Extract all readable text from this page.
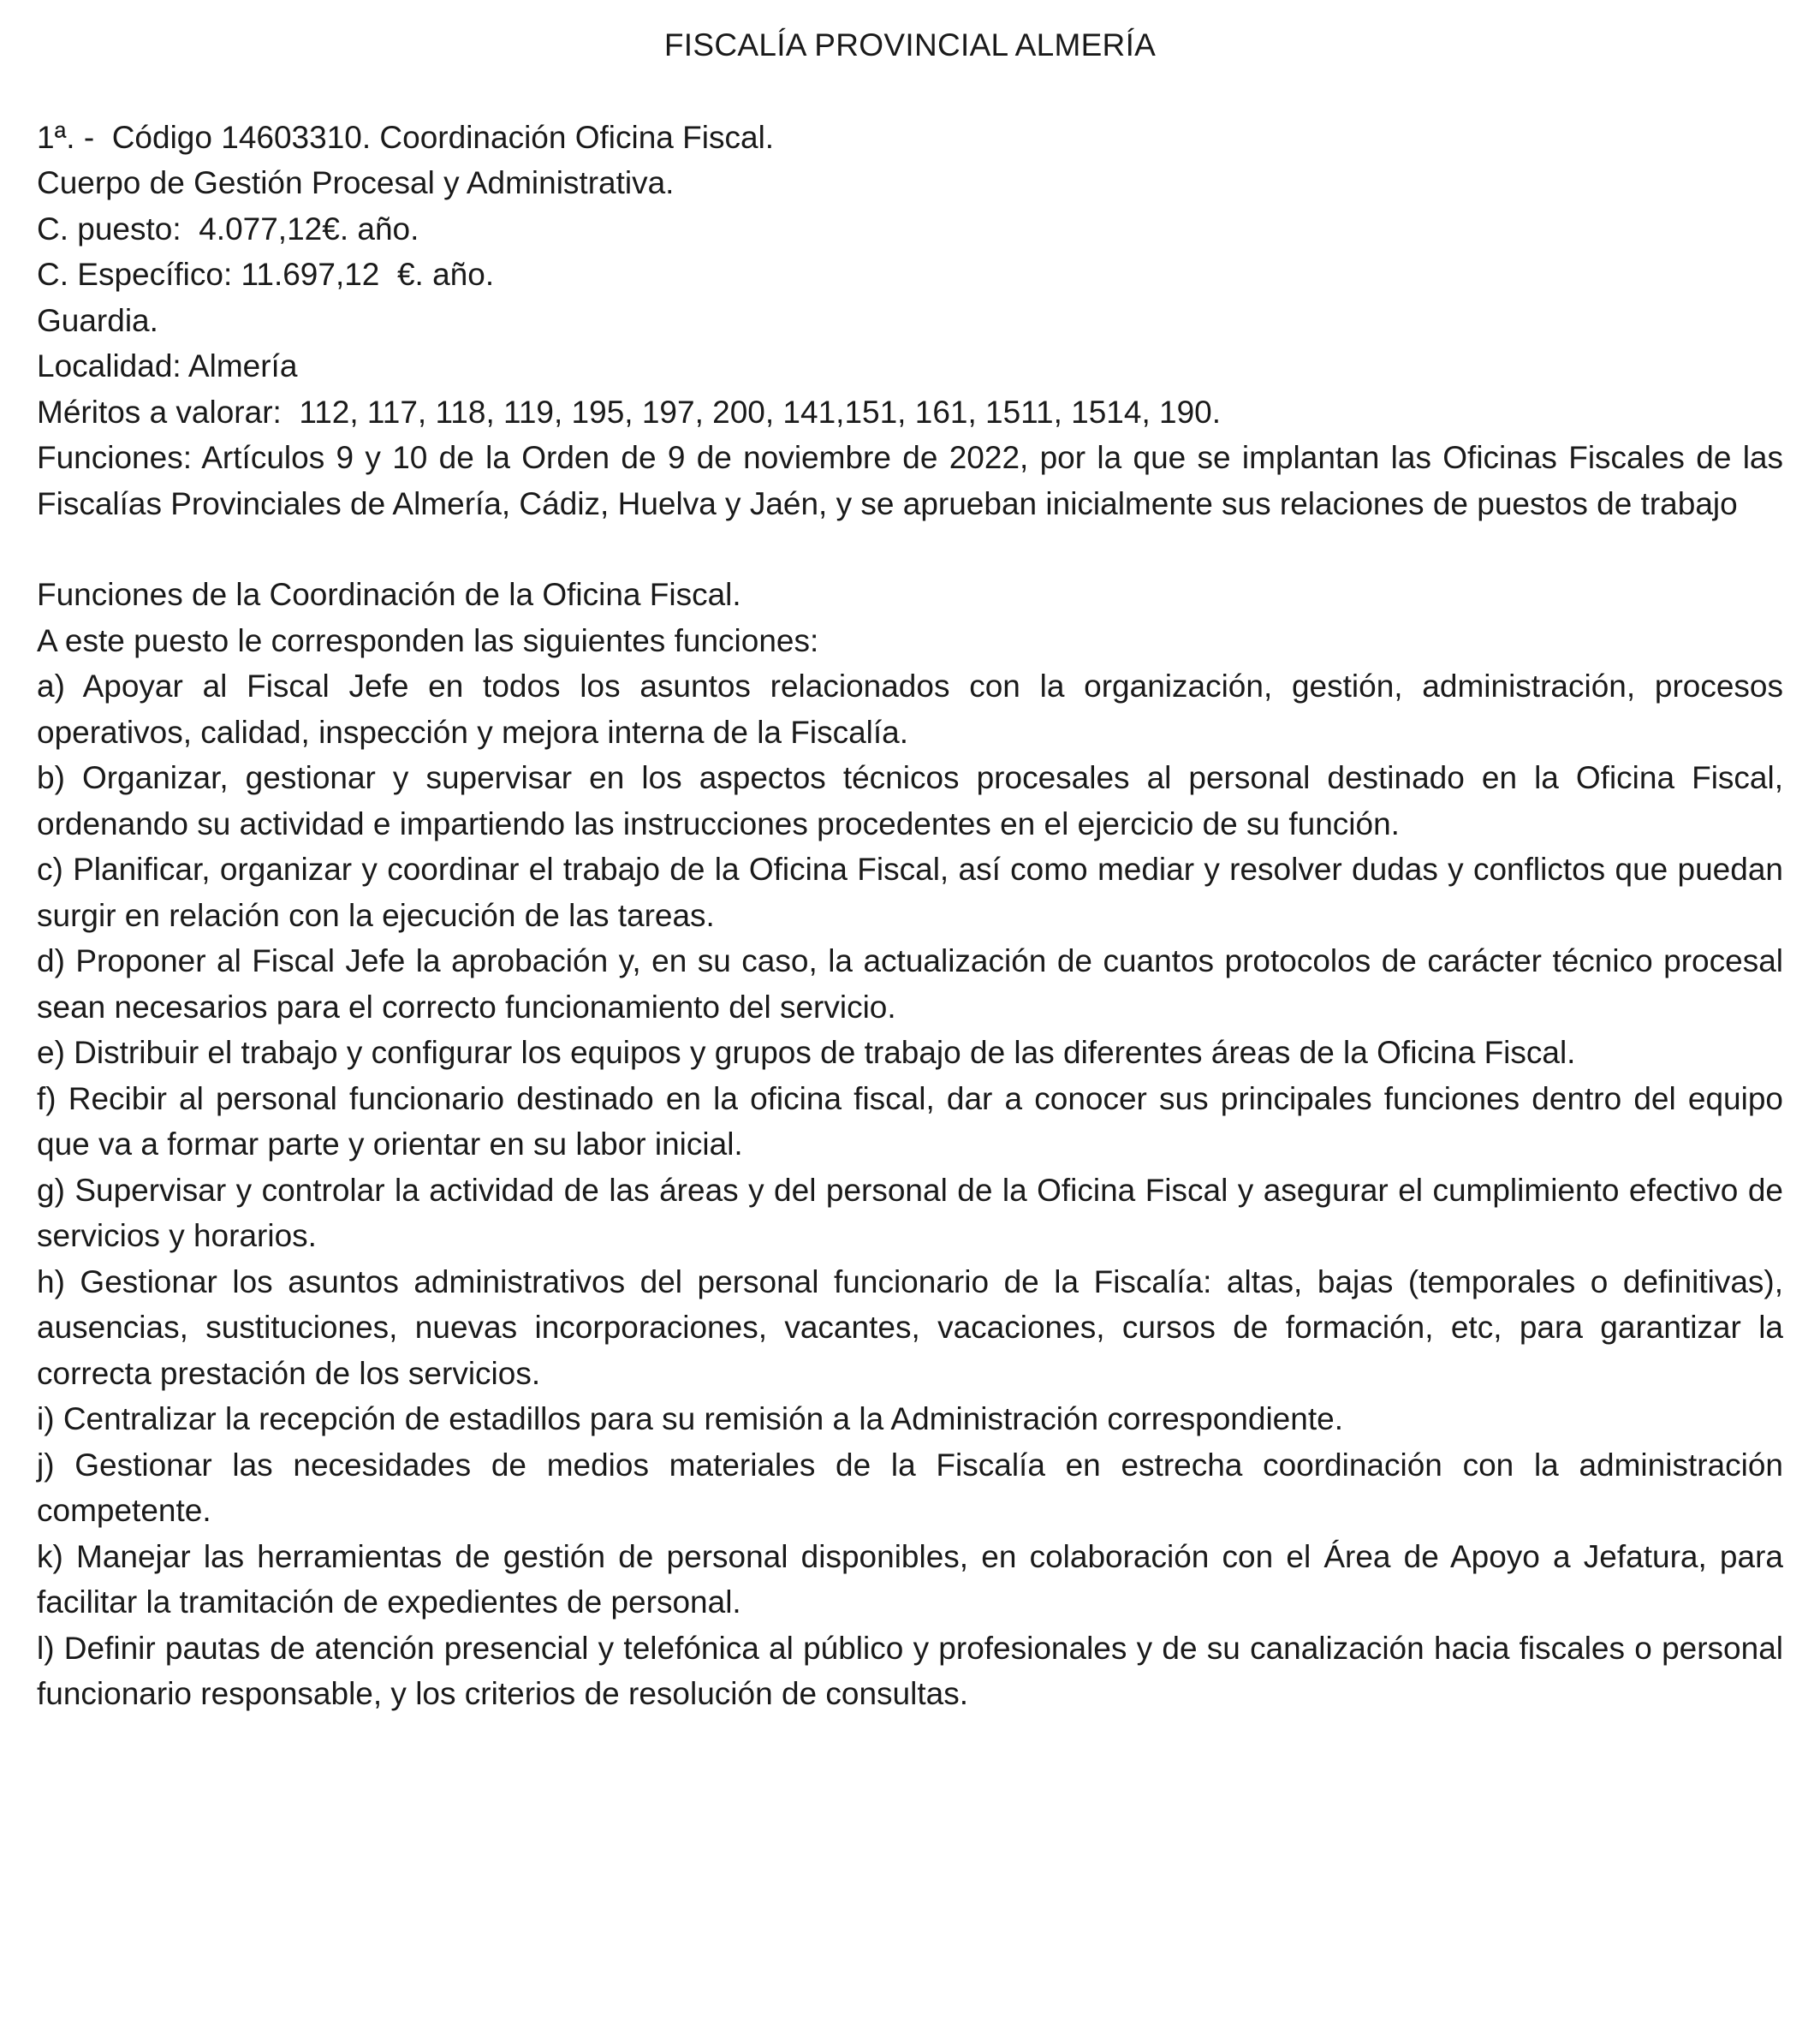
FISCALÍA PROVINCIAL ALMERÍA
1ª. -  Código 14603310. Coordinación Oficina Fiscal.
Cuerpo de Gestión Procesal y Administrativa.
C. puesto:  4.077,12€. año.
C. Específico: 11.697,12  €. año.
Guardia.
Localidad: Almería
Méritos a valorar:  112, 117, 118, 119, 195, 197, 200, 141,151, 161, 1511, 1514, 190.
Funciones: Artículos 9 y 10 de la Orden de 9 de noviembre de 2022, por la que se implantan las Oficinas Fiscales de las Fiscalías Provinciales de Almería, Cádiz, Huelva y Jaén, y se aprueban inicialmente sus relaciones de puestos de trabajo
Funciones de la Coordinación de la Oficina Fiscal.
A este puesto le corresponden las siguientes funciones:
a) Apoyar al Fiscal Jefe en todos los asuntos relacionados con la organización, gestión, administración, procesos operativos, calidad, inspección y mejora interna de la Fiscalía.
b) Organizar, gestionar y supervisar en los aspectos técnicos procesales al personal destinado en la Oficina Fiscal, ordenando su actividad e impartiendo las instrucciones procedentes en el ejercicio de su función.
c) Planificar, organizar y coordinar el trabajo de la Oficina Fiscal, así como mediar y resolver dudas y conflictos que puedan surgir en relación con la ejecución de las tareas.
d) Proponer al Fiscal Jefe la aprobación y, en su caso, la actualización de cuantos protocolos de carácter técnico procesal sean necesarios para el correcto funcionamiento del servicio.
e) Distribuir el trabajo y configurar los equipos y grupos de trabajo de las diferentes áreas de la Oficina Fiscal.
f) Recibir al personal funcionario destinado en la oficina fiscal, dar a conocer sus principales funciones dentro del equipo que va a formar parte y orientar en su labor inicial.
g) Supervisar y controlar la actividad de las áreas y del personal de la Oficina Fiscal y asegurar el cumplimiento efectivo de servicios y horarios.
h) Gestionar los asuntos administrativos del personal funcionario de la Fiscalía: altas, bajas (temporales o definitivas), ausencias, sustituciones, nuevas incorporaciones, vacantes, vacaciones, cursos de formación, etc, para garantizar la correcta prestación de los servicios.
i) Centralizar la recepción de estadillos para su remisión a la Administración correspondiente.
j) Gestionar las necesidades de medios materiales de la Fiscalía en estrecha coordinación con la administración competente.
k) Manejar las herramientas de gestión de personal disponibles, en colaboración con el Área de Apoyo a Jefatura, para facilitar la tramitación de expedientes de personal.
l) Definir pautas de atención presencial y telefónica al público y profesionales y de su canalización hacia fiscales o personal funcionario responsable, y los criterios de resolución de consultas.
